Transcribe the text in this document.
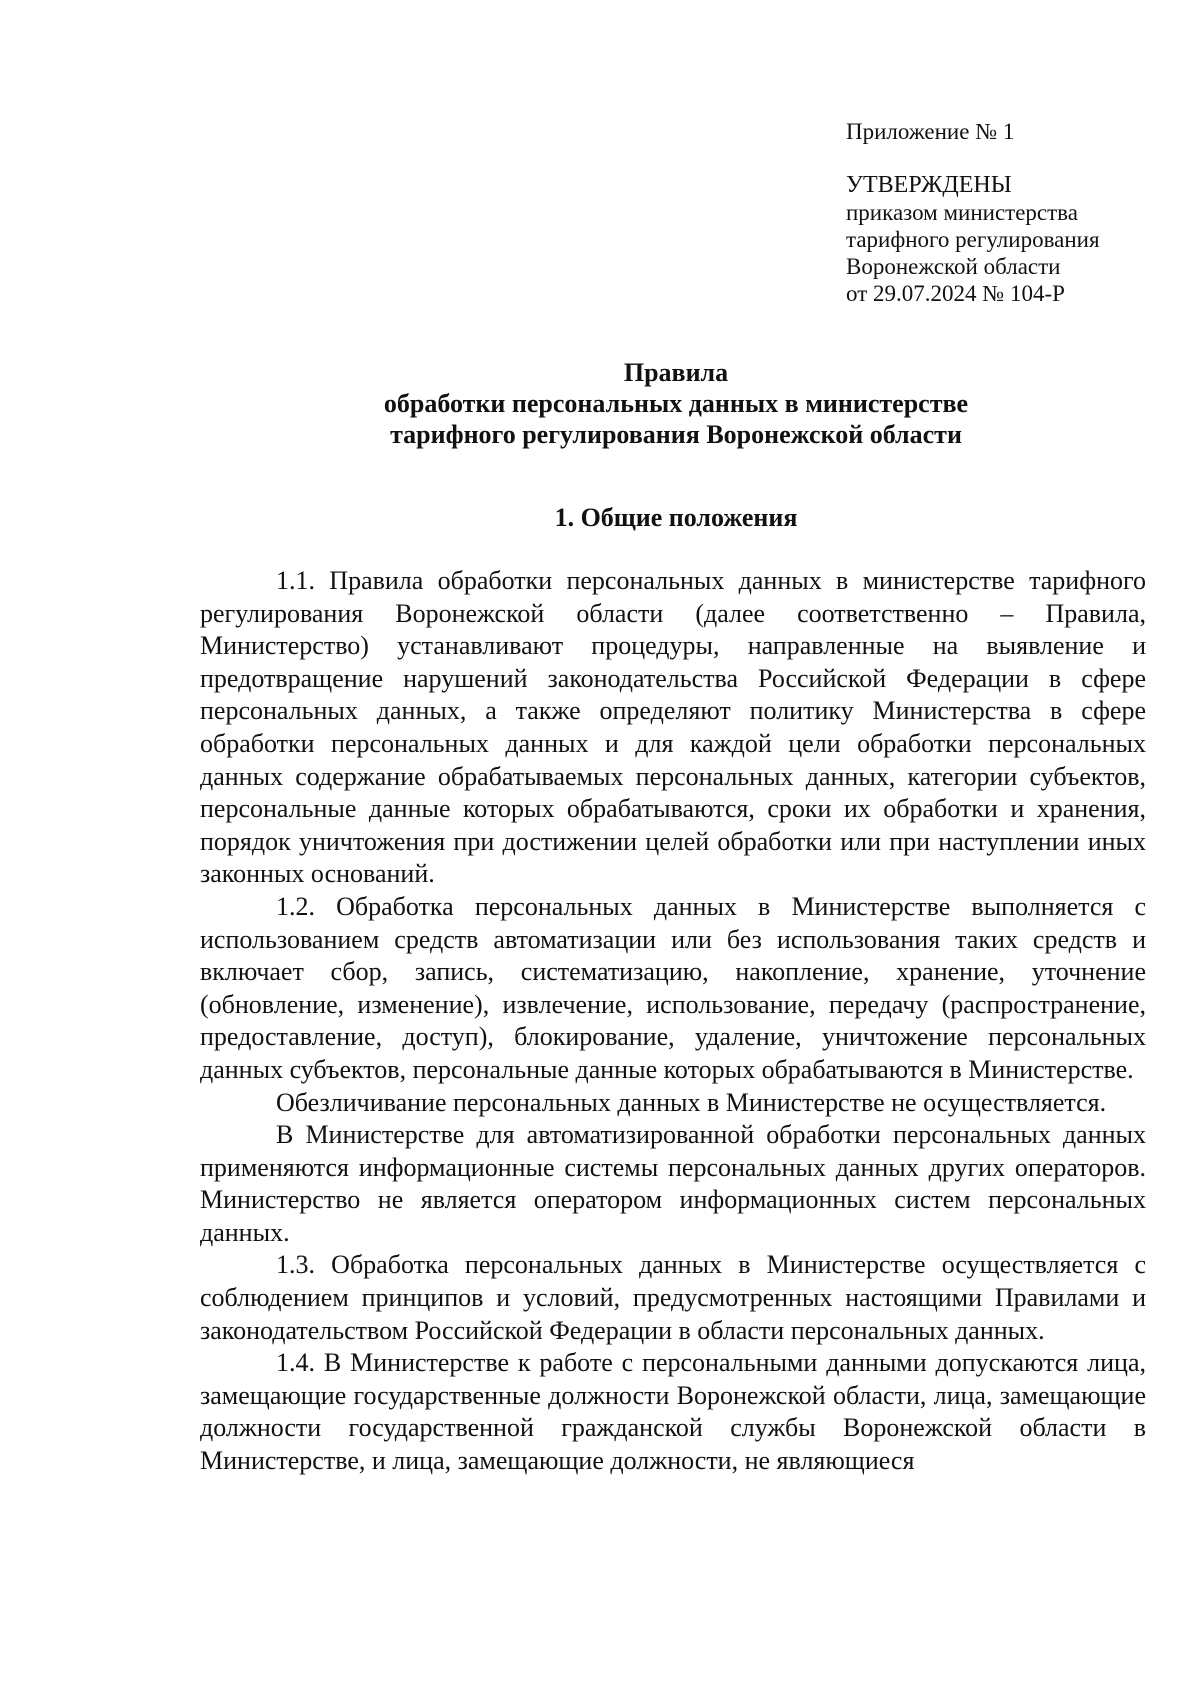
Приложение № 1

УТВЕРЖДЕНЫ

приказом министерства

тарифного регулирования

Воронежской области

от 29.07.2024 № 104-Р

Правила
обработки персональных данных в министерстве
тарифного регулирования Воронежской области
1. Общие положения

1.1. Правила обработки персональных данных в министерстве тарифного регулирования Воронежской области (далее соответственно – Правила, Министерство) устанавливают процедуры, направленные на выявление и предотвращение нарушений законодательства Российской Федерации в сфере персональных данных, а также определяют политику Министерства в сфере обработки персональных данных и для каждой цели обработки персональных данных содержание обрабатываемых персональных данных, категории субъектов, персональные данные которых обрабатываются, сроки их обработки и хранения, порядок уничтожения при достижении целей обработки или при наступлении иных законных оснований.

1.2. Обработка персональных данных в Министерстве выполняется с использованием средств автоматизации или без использования таких средств и включает сбор, запись, систематизацию, накопление, хранение, уточнение (обновление, изменение), извлечение, использование, передачу (распространение, предоставление, доступ), блокирование, удаление, уничтожение персональных данных субъектов, персональные данные которых обрабатываются в Министерстве.

Обезличивание персональных данных в Министерстве не осуществляется.

В Министерстве для автоматизированной обработки персональных данных применяются информационные системы персональных данных других операторов. Министерство не является оператором информационных систем персональных данных.

1.3. Обработка персональных данных в Министерстве осуществляется с соблюдением принципов и условий, предусмотренных настоящими Правилами и законодательством Российской Федерации в области персональных данных.

1.4. В Министерстве к работе с персональными данными допускаются лица, замещающие государственные должности Воронежской области, лица, замещающие должности государственной гражданской службы Воронежской области в Министерстве, и лица, замещающие должности, не являющиеся
